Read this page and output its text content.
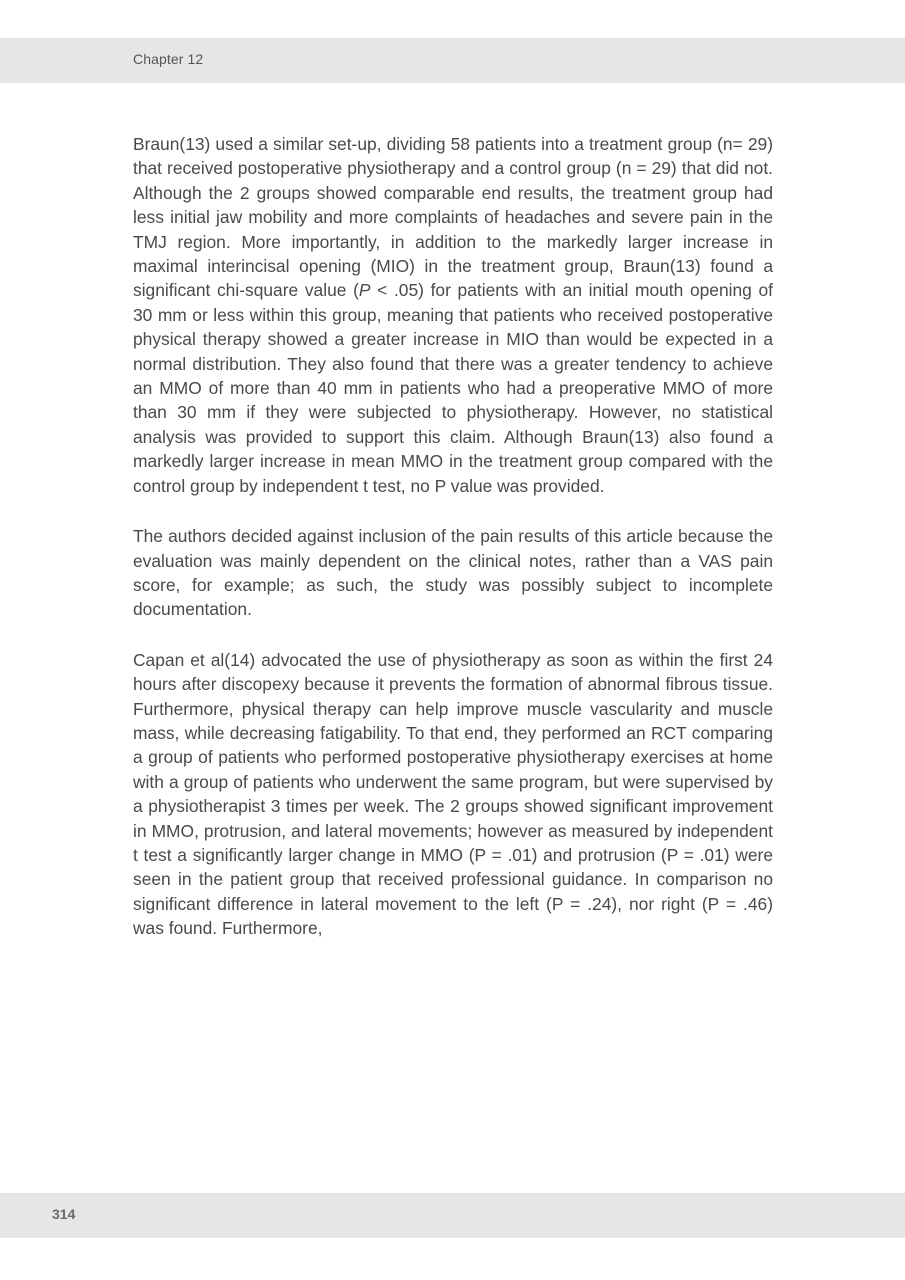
Chapter 12

Braun(13) used a similar set-up, dividing 58 patients into a treatment group (n= 29) that received postoperative physiotherapy and a control group (n = 29) that did not. Although the 2 groups showed comparable end results, the treatment group had less initial jaw mobility and more complaints of headaches and severe pain in the TMJ region. More importantly, in addition to the markedly larger increase in maximal interincisal opening (MIO) in the treatment group, Braun(13) found a significant chi-square value (P < .05) for patients with an initial mouth opening of 30 mm or less within this group, meaning that patients who received postoperative physical therapy showed a greater increase in MIO than would be expected in a normal distribution. They also found that there was a greater tendency to achieve an MMO of more than 40 mm in patients who had a preoperative MMO of more than 30 mm if they were subjected to physiotherapy. However, no statistical analysis was provided to support this claim. Although Braun(13) also found a markedly larger increase in mean MMO in the treatment group compared with the control group by independent t test, no P value was provided.

The authors decided against inclusion of the pain results of this article because the evaluation was mainly dependent on the clinical notes, rather than a VAS pain score, for example; as such, the study was possibly subject to incomplete documentation.

Capan et al(14) advocated the use of physiotherapy as soon as within the first 24 hours after discopexy because it prevents the formation of abnormal fibrous tissue. Furthermore, physical therapy can help improve muscle vascularity and muscle mass, while decreasing fatigability. To that end, they performed an RCT comparing a group of patients who performed postoperative physiotherapy exercises at home with a group of patients who underwent the same program, but were supervised by a physiotherapist 3 times per week. The 2 groups showed significant improvement in MMO, protrusion, and lateral movements; however as measured by independent t test a significantly larger change in MMO (P = .01) and protrusion (P = .01) were seen in the patient group that received professional guidance. In comparison no significant difference in lateral movement to the left (P = .24), nor right (P = .46) was found. Furthermore,

314
